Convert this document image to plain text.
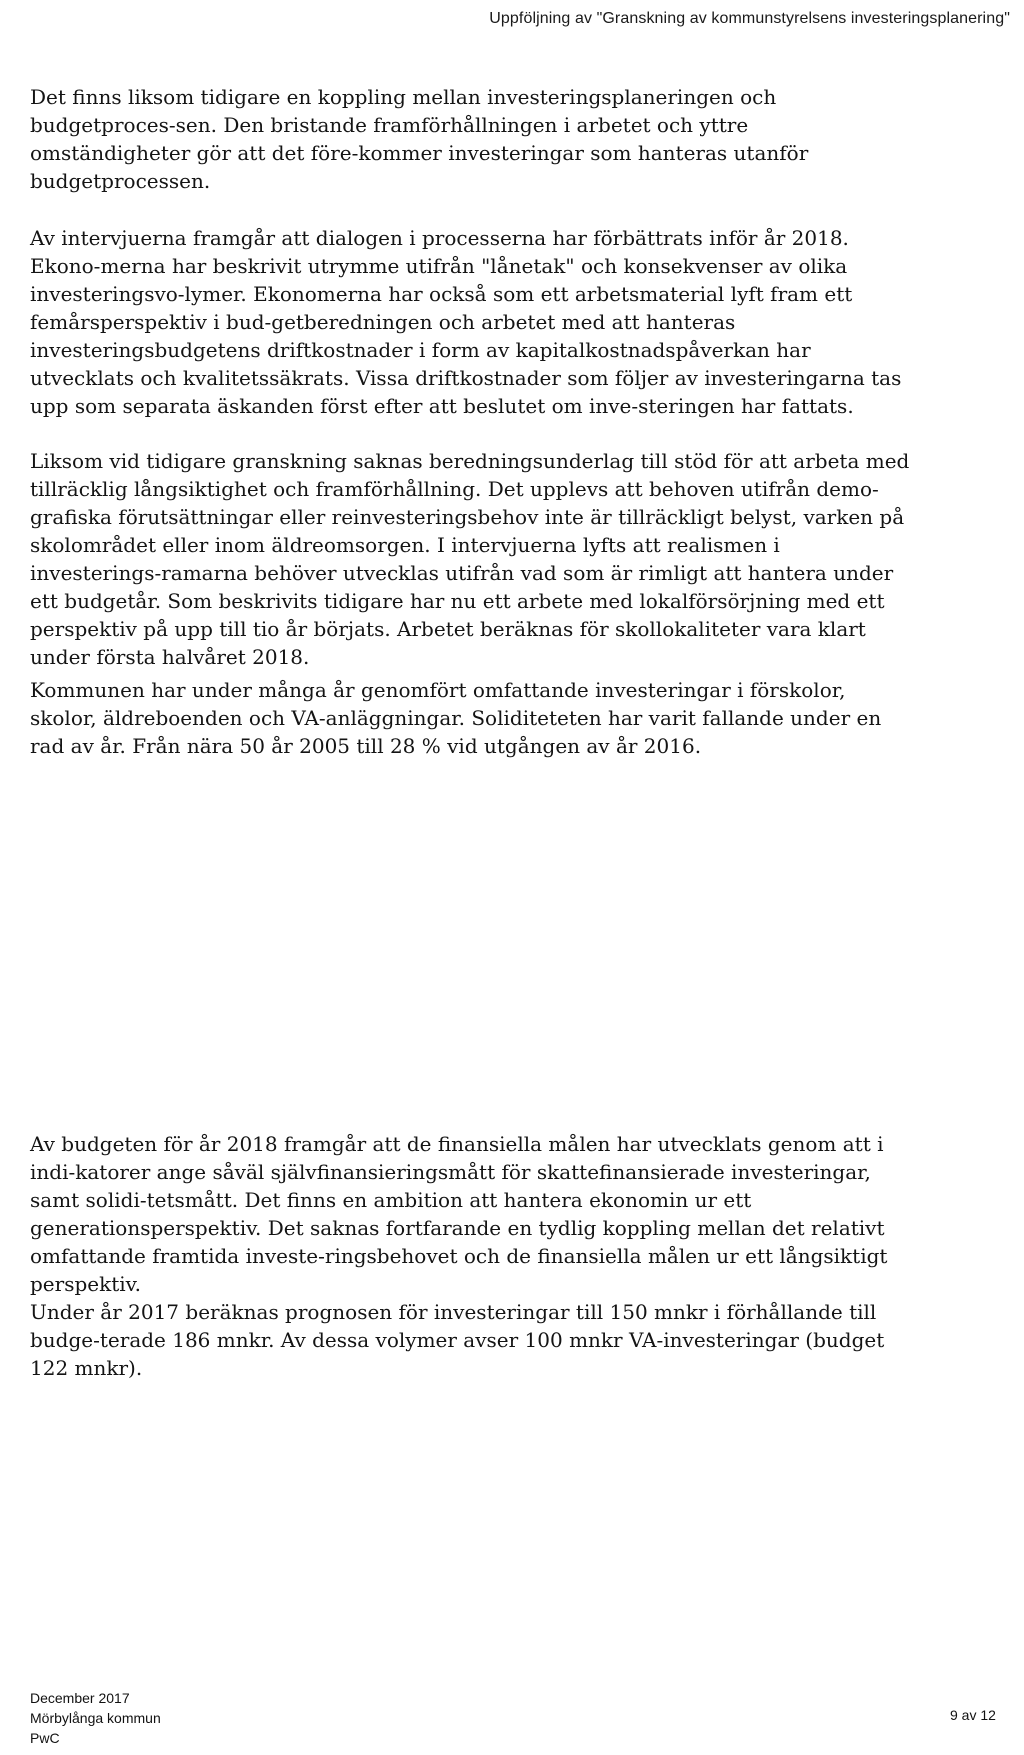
Uppföljning av "Granskning av kommunstyrelsens investeringsplanering"

Det finns liksom tidigare en koppling mellan investeringsplaneringen och budgetproces-sen. Den bristande framförhållningen i arbetet och yttre omständigheter gör att det före-kommer investeringar som hanteras utanför budgetprocessen.

Av intervjuerna framgår att dialogen i processerna har förbättrats inför år 2018. Ekono-merna har beskrivit utrymme utifrån "lånetak" och konsekvenser av olika investeringsvo-lymer. Ekonomerna har också som ett arbetsmaterial lyft fram ett femårsperspektiv i bud-getberedningen och arbetet med att hanteras investeringsbudgetens driftkostnader i form av kapitalkostnadspåverkan har utvecklats och kvalitetssäkrats. Vissa driftkostnader som följer av investeringarna tas upp som separata äskanden först efter att beslutet om inve-steringen har fattats.

Liksom vid tidigare granskning saknas beredningsunderlag till stöd för att arbeta med tillräcklig långsiktighet och framförhållning. Det upplevs att behoven utifrån demo-grafiska förutsättningar eller reinvesteringsbehov inte är tillräckligt belyst, varken på skolområdet eller inom äldreomsorgen. I intervjuerna lyfts att realismen i investerings-ramarna behöver utvecklas utifrån vad som är rimligt att hantera under ett budgetår. Som beskrivits tidigare har nu ett arbete med lokalförsörjning med ett perspektiv på upp till tio år börjats. Arbetet beräknas för skollokaliteter vara klart under första halvåret 2018.

Kommunen har under många år genomfört omfattande investeringar i förskolor, skolor, äldreboenden och VA-anläggningar. Soliditeteten har varit fallande under en rad av år. Från nära 50 år 2005 till 28 % vid utgången av år 2016.

Av budgeten för år 2018 framgår att de finansiella målen har utvecklats genom att i indi-katorer ange såväl självfinansieringsmått för skattefinansierade investeringar, samt solidi-tetsmått. Det finns en ambition att hantera ekonomin ur ett generationsperspektiv. Det saknas fortfarande en tydlig koppling mellan det relativt omfattande framtida investe-ringsbehovet och de finansiella målen ur ett långsiktigt perspektiv.

Under år 2017 beräknas prognosen för investeringar till 150 mnkr i förhållande till budge-terade 186 mnkr. Av dessa volymer avser 100 mnkr VA-investeringar (budget 122 mnkr).

December 2017
Mörbylånga kommun
PwC
9 av 12
